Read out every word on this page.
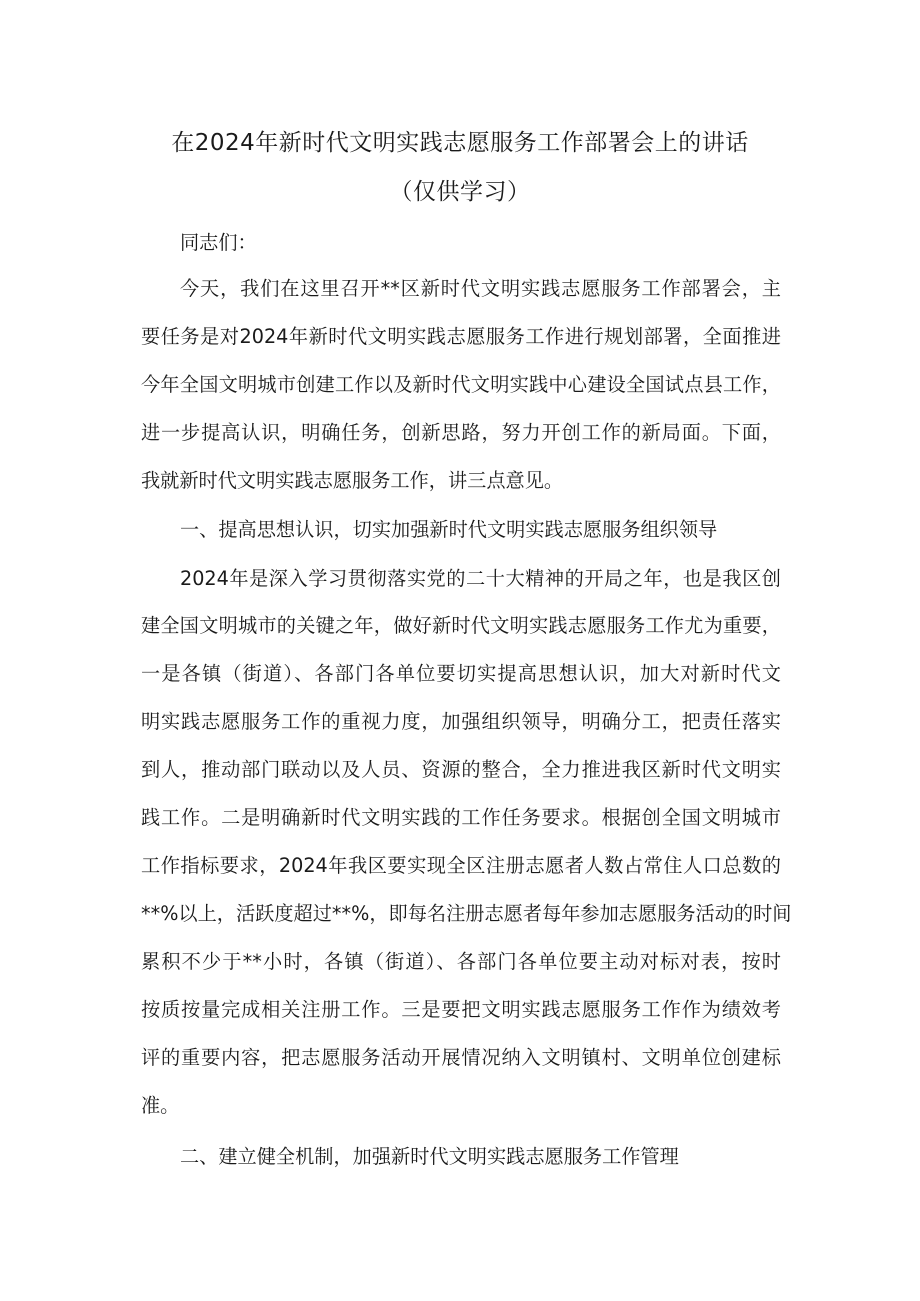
在2024年新时代文明实践志愿服务工作部署会上的讲话
（仅供学习）
同志们：
今天，我们在这里召开**区新时代文明实践志愿服务工作部署会，主
要任务是对2024年新时代文明实践志愿服务工作进行规划部署，全面推进
今年全国文明城市创建工作以及新时代文明实践中心建设全国试点县工作，
进一步提高认识，明确任务，创新思路，努力开创工作的新局面。下面，
我就新时代文明实践志愿服务工作，讲三点意见。
一、提高思想认识，切实加强新时代文明实践志愿服务组织领导
2024年是深入学习贯彻落实党的二十大精神的开局之年，也是我区创
建全国文明城市的关键之年，做好新时代文明实践志愿服务工作尤为重要，
一是各镇（街道）、各部门各单位要切实提高思想认识，加大对新时代文
明实践志愿服务工作的重视力度，加强组织领导，明确分工，把责任落实
到人，推动部门联动以及人员、资源的整合，全力推进我区新时代文明实
践工作。二是明确新时代文明实践的工作任务要求。根据创全国文明城市
工作指标要求，2024年我区要实现全区注册志愿者人数占常住人口总数的
**%以上，活跃度超过**%，即每名注册志愿者每年参加志愿服务活动的时间
累积不少于**小时，各镇（街道）、各部门各单位要主动对标对表，按时
按质按量完成相关注册工作。三是要把文明实践志愿服务工作作为绩效考
评的重要内容，把志愿服务活动开展情况纳入文明镇村、文明单位创建标
准。
二、建立健全机制，加强新时代文明实践志愿服务工作管理
